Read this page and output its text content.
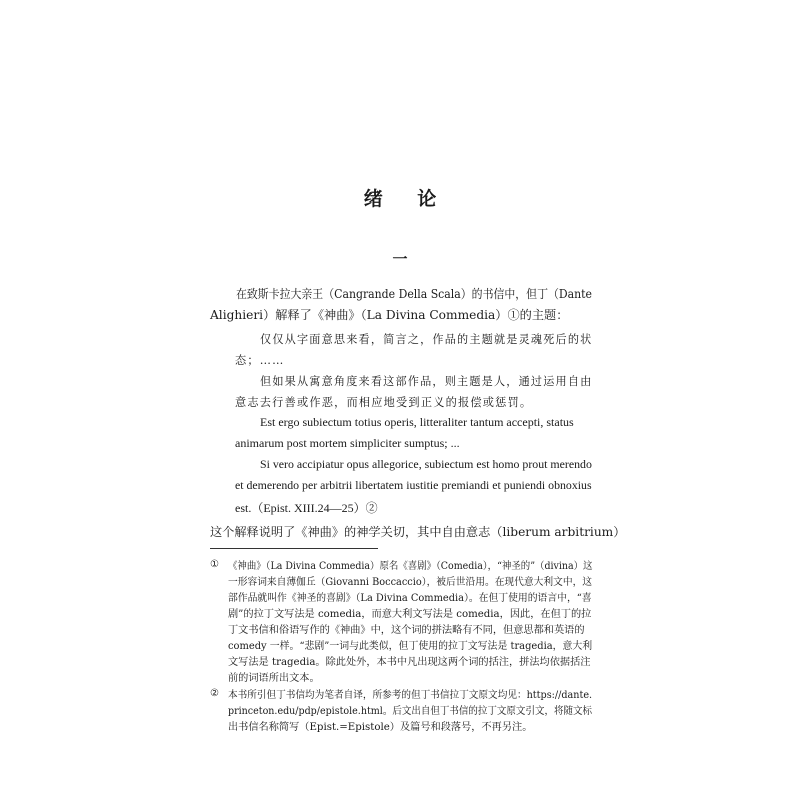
绪 论
一

在致斯卡拉大亲王（Cangrande Della Scala）的书信中，但丁（Dante

Alighieri）解释了《神曲》（La Divina Commedia）①的主题：

仅仅从字面意思来看，简言之，作品的主题就是灵魂死后的状

态；……

但如果从寓意角度来看这部作品，则主题是人，通过运用自由

意志去行善或作恶，而相应地受到正义的报偿或惩罚。

Est ergo subiectum totius operis, litteraliter tantum accepti, status

animarum post mortem simpliciter sumptus; ...

Si vero accipiatur opus allegorice, subiectum est homo prout merendo

et demerendo per arbitrii libertatem iustitie premiandi et puniendi obnoxius

est.（Epist. XIII.24—25）②

这个解释说明了《神曲》的神学关切，其中自由意志（liberum arbitrium）

① 《神曲》（La Divina Commedia）原名《喜剧》（Comedia），“神圣的”（divina）这

一形容词来自薄伽丘（Giovanni Boccaccio），被后世沿用。在现代意大利文中，这

部作品就叫作《神圣的喜剧》（La Divina Commedia）。在但丁使用的语言中，“喜

剧”的拉丁文写法是 comedia，而意大利文写法是 comedia，因此，在但丁的拉

丁文书信和俗语写作的《神曲》中，这个词的拼法略有不同，但意思都和英语的

comedy 一样。“悲剧”一词与此类似，但丁使用的拉丁文写法是 tragedia，意大利

文写法是 tragedia。除此处外，本书中凡出现这两个词的括注，拼法均依据括注

前的词语所出文本。

② 本书所引但丁书信均为笔者自译，所参考的但丁书信拉丁文原文均见：https://dante.

princeton.edu/pdp/epistole.html。后文出自但丁书信的拉丁文原文引文，将随文标

出书信名称简写（Epist.=Epistole）及篇号和段落号，不再另注。
